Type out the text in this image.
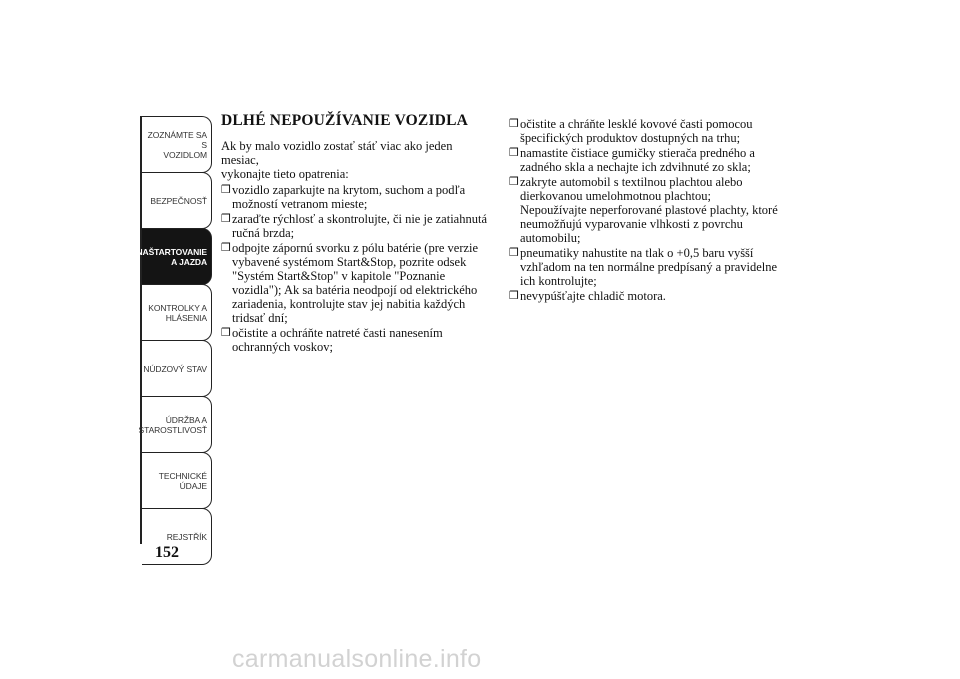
ZOZNÁMTE SA S
VOZIDLOM
BEZPEČNOSŤ
NAŠTARTOVANIE
A JAZDA
KONTROLKY A
HLÁSENIA
NÚDZOVÝ STAV
ÚDRŽBA A
STAROSTLIVOSŤ
TECHNICKÉ
ÚDAJE
REJSTŘÍK
152
DLHÉ NEPOUŽÍVANIE VOZIDLA

Ak by malo vozidlo zostať stáť viac ako jeden mesiac,
vykonajte tieto opatrenia:

❒ vozidlo zaparkujte na krytom, suchom a podľa
možností vetranom mieste;
❒ zaraďte rýchlosť a skontrolujte, či nie je zatiahnutá
ručná brzda;
❒ odpojte zápornú svorku z pólu batérie (pre verzie
vybavené systémom Start&Stop, pozrite odsek
"Systém Start&Stop" v kapitole "Poznanie
vozidla"); Ak sa batéria neodpojí od elektrického
zariadenia, kontrolujte stav jej nabitia každých
tridsať dní;
❒ očistite a ochráňte natreté časti nanesením
ochranných voskov;
❒ očistite a chráňte lesklé kovové časti pomocou
špecifických produktov dostupných na trhu;
❒ namastite čistiace gumičky stierača predného a
zadného skla a nechajte ich zdvihnuté zo skla;
❒ zakryte automobil s textilnou plachtou alebo
dierkovanou umelohmotnou plachtou;
Nepoužívajte neperforované plastové plachty, ktoré
neumožňujú vyparovanie vlhkosti z povrchu
automobilu;
❒ pneumatiky nahustite na tlak o +0,5 baru vyšší
vzhľadom na ten normálne predpísaný a pravidelne
ich kontrolujte;
❒ nevypúšťajte chladič motora.
carmanualsonline.info
